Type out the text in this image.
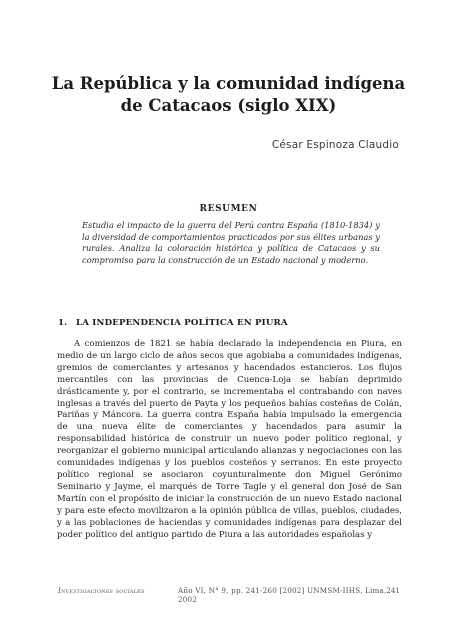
La República y la comunidad indígena
de Catacaos (siglo XIX)
César Espinoza Claudio
RESUMEN

Estudia el impacto de la guerra del Perú contra España (1810-1834) y la diversidad de comportamientos practicados por sus élites urbanas y rurales. Analiza la coloración histórica y política de Catacaos y su compromiso para la construcción de un Estado nacional y moderno.

1. LA INDEPENDENCIA POLÍTICA EN PIURA

A comienzos de 1821 se había declarado la independencia en Piura, en medio de un largo ciclo de años secos que agobiaba a comunidades indígenas, gremios de comerciantes y artesanos y hacendados estancieros. Los flujos mercantiles con las provincias de Cuenca-Loja se habían deprimido drásticamente y, por el contrario, se incrementaba el contrabando con naves inglesas a través del puerto de Payta y los pequeños bahías costeñas de Colán, Pariñas y Máncora. La guerra contra España había impulsado la emergencia de una nueva élite de comerciantes y hacendados para asumir la responsabilidad histórica de construir un nuevo poder político regional, y reorganizar el gobierno municipal articulando alianzas y negociaciones con las comunidades indígenas y los pueblos costeños y serranos. En este proyecto político regional se asociaron coyunturalmente don Miguel Gerónimo Seminario y Jayme, el marqués de Torre Tagle y el general don José de San Martín con el propósito de iniciar la construcción de un nuevo Estado nacional y para este efecto movilizaron a la opinión pública de villas, pueblos, ciudades, y a las poblaciones de haciendas y comunidades indígenas para desplazar del poder político del antiguo partido de Piura a las autoridades españolas y

Investigaciones sociales	Año VI, N° 9, pp. 241-260 [2002] UNMSM-IIHS, Lima, 2002
241
